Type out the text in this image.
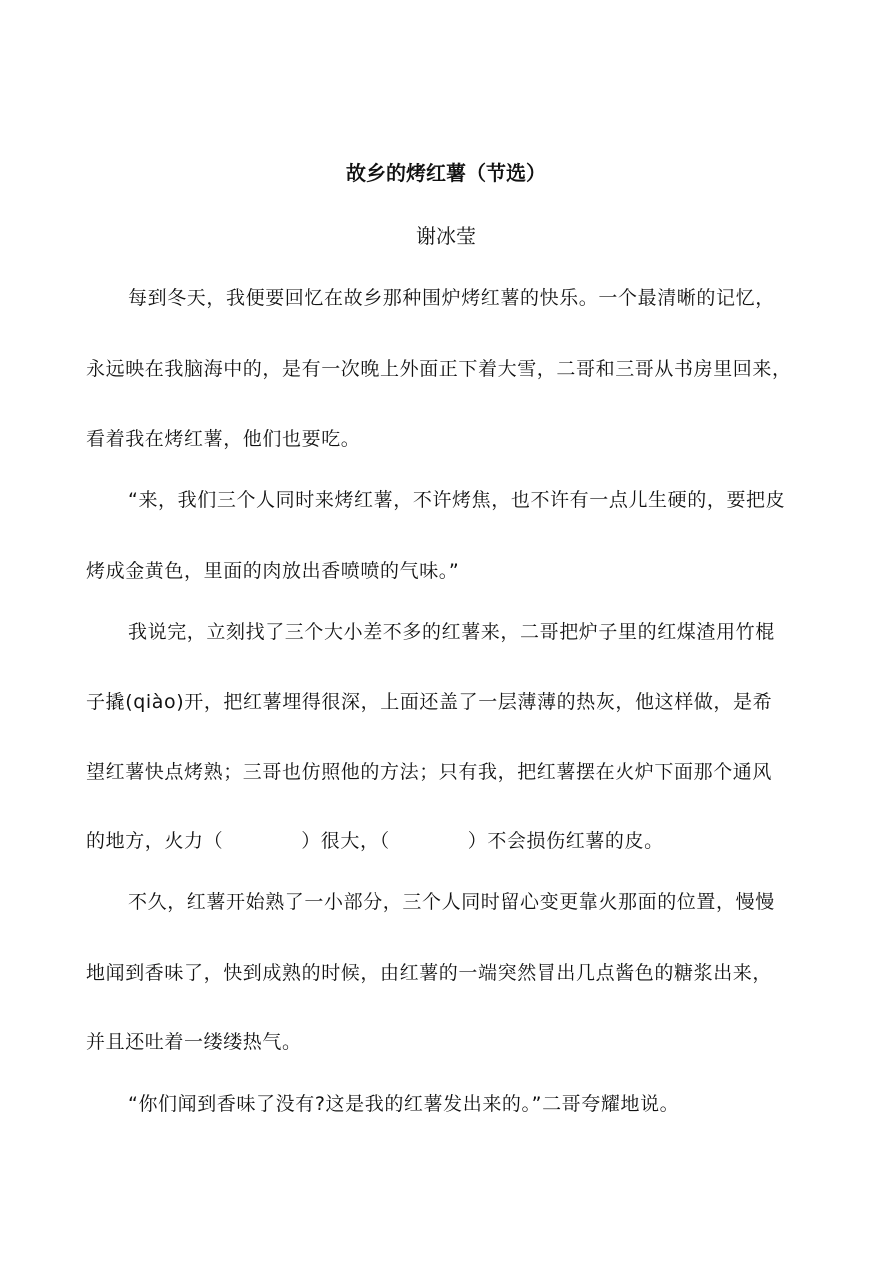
故乡的烤红薯（节选）
谢冰莹
每到冬天，我便要回忆在故乡那种围炉烤红薯的快乐。一个最清晰的记忆，
永远映在我脑海中的，是有一次晚上外面正下着大雪，二哥和三哥从书房里回来，
看着我在烤红薯，他们也要吃。
“来，我们三个人同时来烤红薯，不许烤焦，也不许有一点儿生硬的，要把皮
烤成金黄色，里面的肉放出香喷喷的气味。”
我说完，立刻找了三个大小差不多的红薯来，二哥把炉子里的红煤渣用竹棍
子撬(qiào)开，把红薯埋得很深，上面还盖了一层薄薄的热灰，他这样做，是希
望红薯快点烤熟；三哥也仿照他的方法；只有我，把红薯摆在火炉下面那个通风
的地方，火力（	）很大，（	）不会损伤红薯的皮。
不久，红薯开始熟了一小部分，三个人同时留心变更靠火那面的位置，慢慢
地闻到香味了，快到成熟的时候，由红薯的一端突然冒出几点酱色的糖浆出来，
并且还吐着一缕缕热气。
“你们闻到香味了没有?这是我的红薯发出来的。”二哥夸耀地说。
